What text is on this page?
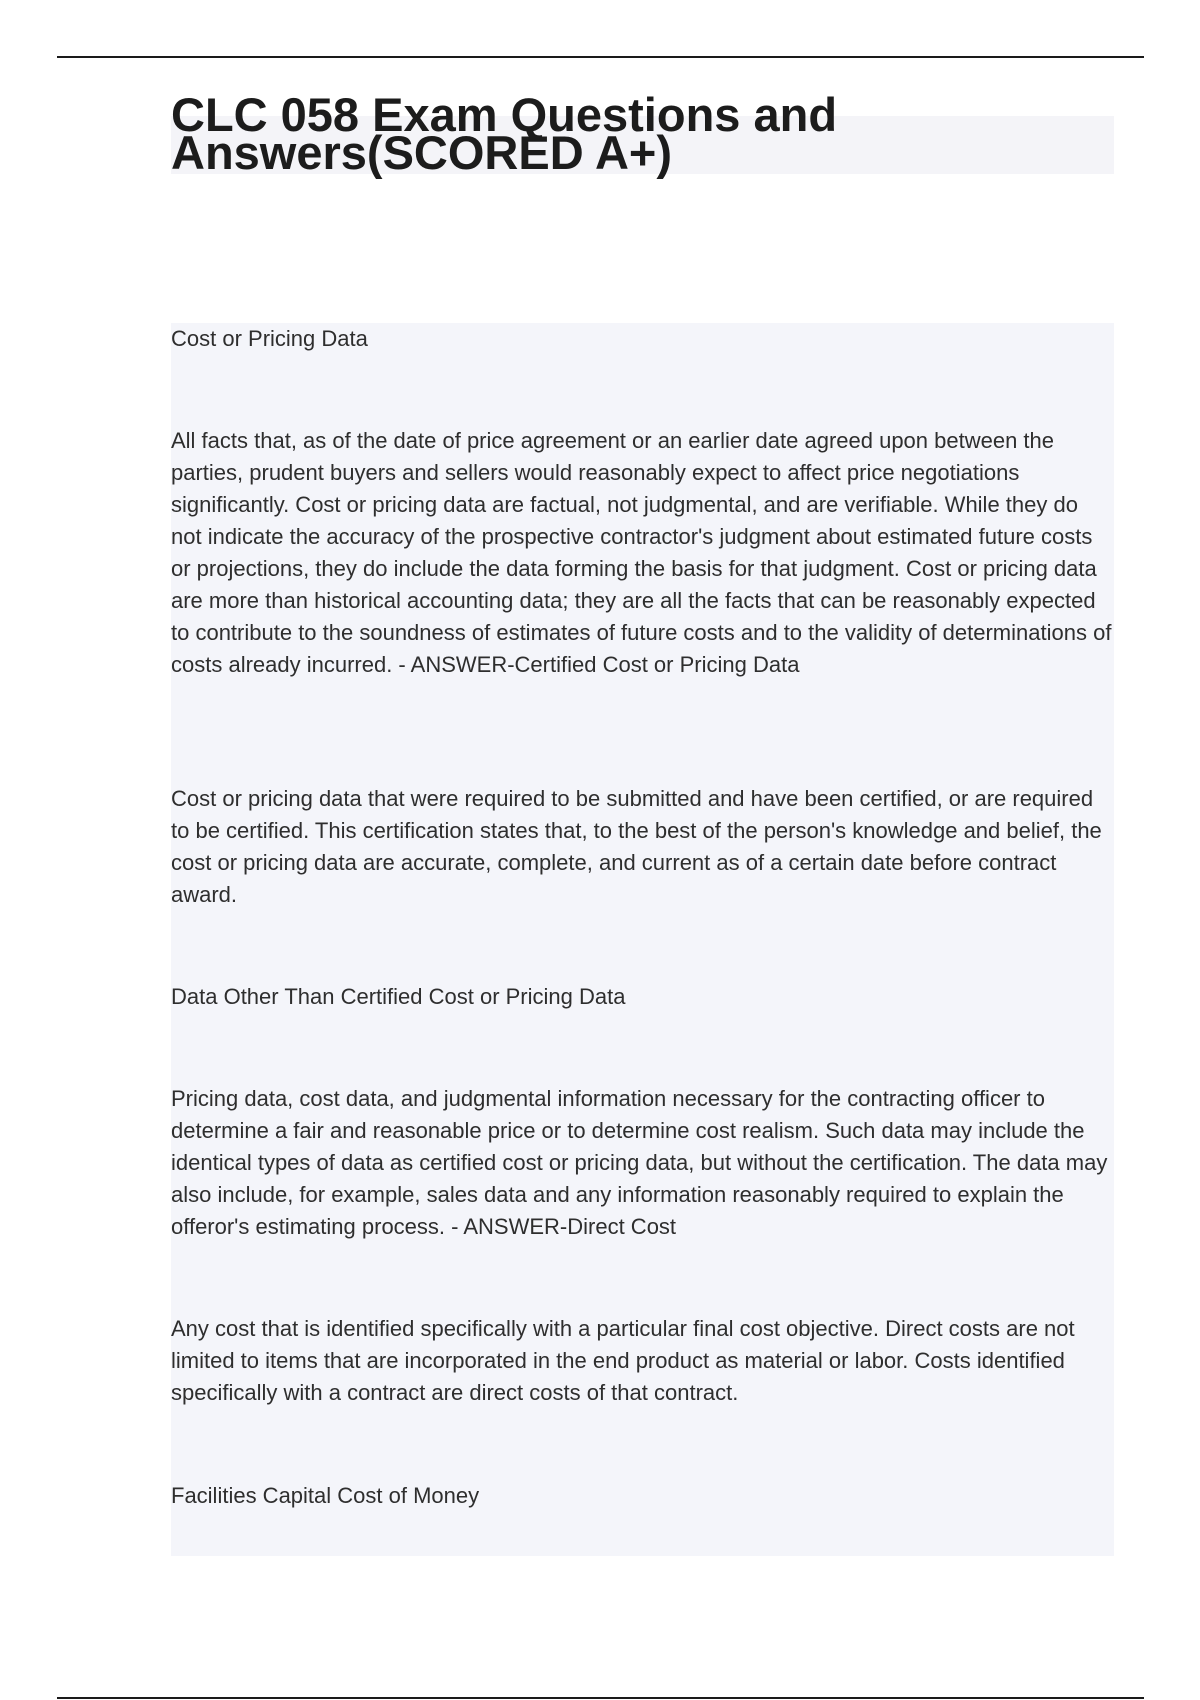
CLC 058 Exam Questions and Answers(SCORED A+)

Cost or Pricing Data

All facts that, as of the date of price agreement or an earlier date agreed upon between the parties, prudent buyers and sellers would reasonably expect to affect price negotiations significantly. Cost or pricing data are factual, not judgmental, and are verifiable. While they do not indicate the accuracy of the prospective contractor's judgment about estimated future costs or projections, they do include the data forming the basis for that judgment. Cost or pricing data are more than historical accounting data; they are all the facts that can be reasonably expected to contribute to the soundness of estimates of future costs and to the validity of determinations of costs already incurred. - ANSWER-Certified Cost or Pricing Data

Cost or pricing data that were required to be submitted and have been certified, or are required to be certified. This certification states that, to the best of the person's knowledge and belief, the cost or pricing data are accurate, complete, and current as of a certain date before contract award.

Data Other Than Certified Cost or Pricing Data

Pricing data, cost data, and judgmental information necessary for the contracting officer to determine a fair and reasonable price or to determine cost realism. Such data may include the identical types of data as certified cost or pricing data, but without the certification. The data may also include, for example, sales data and any information reasonably required to explain the offeror's estimating process. - ANSWER-Direct Cost

Any cost that is identified specifically with a particular final cost objective. Direct costs are not limited to items that are incorporated in the end product as material or labor. Costs identified specifically with a contract are direct costs of that contract.

Facilities Capital Cost of Money
